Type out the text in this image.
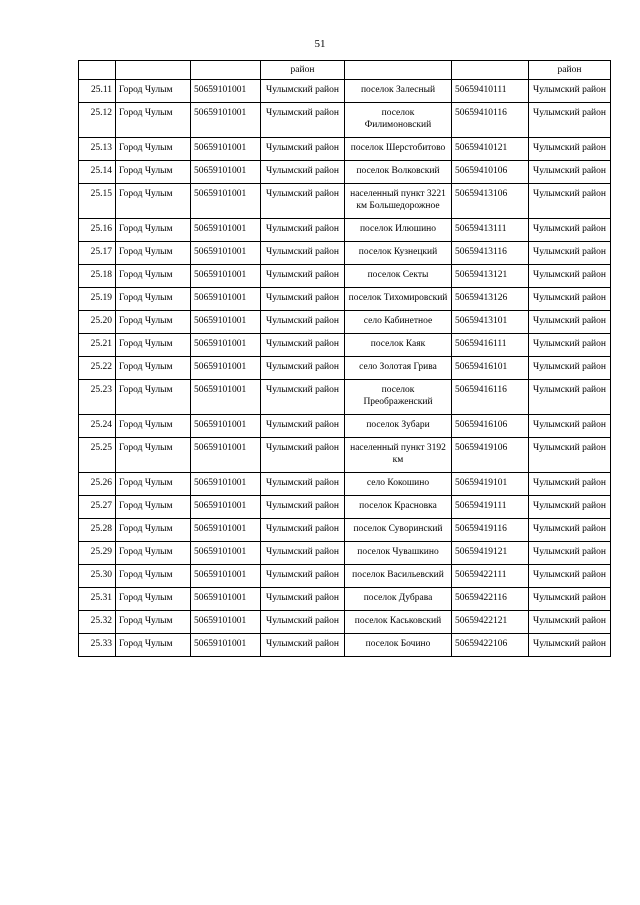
51
			район			район
25.11	Город Чулым	50659101001	Чулымский район	поселок Залесный	50659410111	Чулымский район
25.12	Город Чулым	50659101001	Чулымский район	поселок Филимоновский	50659410116	Чулымский район
25.13	Город Чулым	50659101001	Чулымский район	поселок Шерстобитово	50659410121	Чулымский район
25.14	Город Чулым	50659101001	Чулымский район	поселок Волковский	50659410106	Чулымский район
25.15	Город Чулым	50659101001	Чулымский район	населенный пункт 3221 км Большедорожное	50659413106	Чулымский район
25.16	Город Чулым	50659101001	Чулымский район	поселок Илюшино	50659413111	Чулымский район
25.17	Город Чулым	50659101001	Чулымский район	поселок Кузнецкий	50659413116	Чулымский район
25.18	Город Чулым	50659101001	Чулымский район	поселок Секты	50659413121	Чулымский район
25.19	Город Чулым	50659101001	Чулымский район	поселок Тихомировский	50659413126	Чулымский район
25.20	Город Чулым	50659101001	Чулымский район	село Кабинетное	50659413101	Чулымский район
25.21	Город Чулым	50659101001	Чулымский район	поселок Каяк	50659416111	Чулымский район
25.22	Город Чулым	50659101001	Чулымский район	село Золотая Грива	50659416101	Чулымский район
25.23	Город Чулым	50659101001	Чулымский район	поселок Преображенский	50659416116	Чулымский район
25.24	Город Чулым	50659101001	Чулымский район	поселок Зубари	50659416106	Чулымский район
25.25	Город Чулым	50659101001	Чулымский район	населенный пункт 3192 км	50659419106	Чулымский район
25.26	Город Чулым	50659101001	Чулымский район	село Кокошино	50659419101	Чулымский район
25.27	Город Чулым	50659101001	Чулымский район	поселок Красновка	50659419111	Чулымский район
25.28	Город Чулым	50659101001	Чулымский район	поселок Суворинский	50659419116	Чулымский район
25.29	Город Чулым	50659101001	Чулымский район	поселок Чувашкино	50659419121	Чулымский район
25.30	Город Чулым	50659101001	Чулымский район	поселок Васильевский	50659422111	Чулымский район
25.31	Город Чулым	50659101001	Чулымский район	поселок Дубрава	50659422116	Чулымский район
25.32	Город Чулым	50659101001	Чулымский район	поселок Каськовский	50659422121	Чулымский район
25.33	Город Чулым	50659101001	Чулымский район	поселок Бочино	50659422106	Чулымский район
